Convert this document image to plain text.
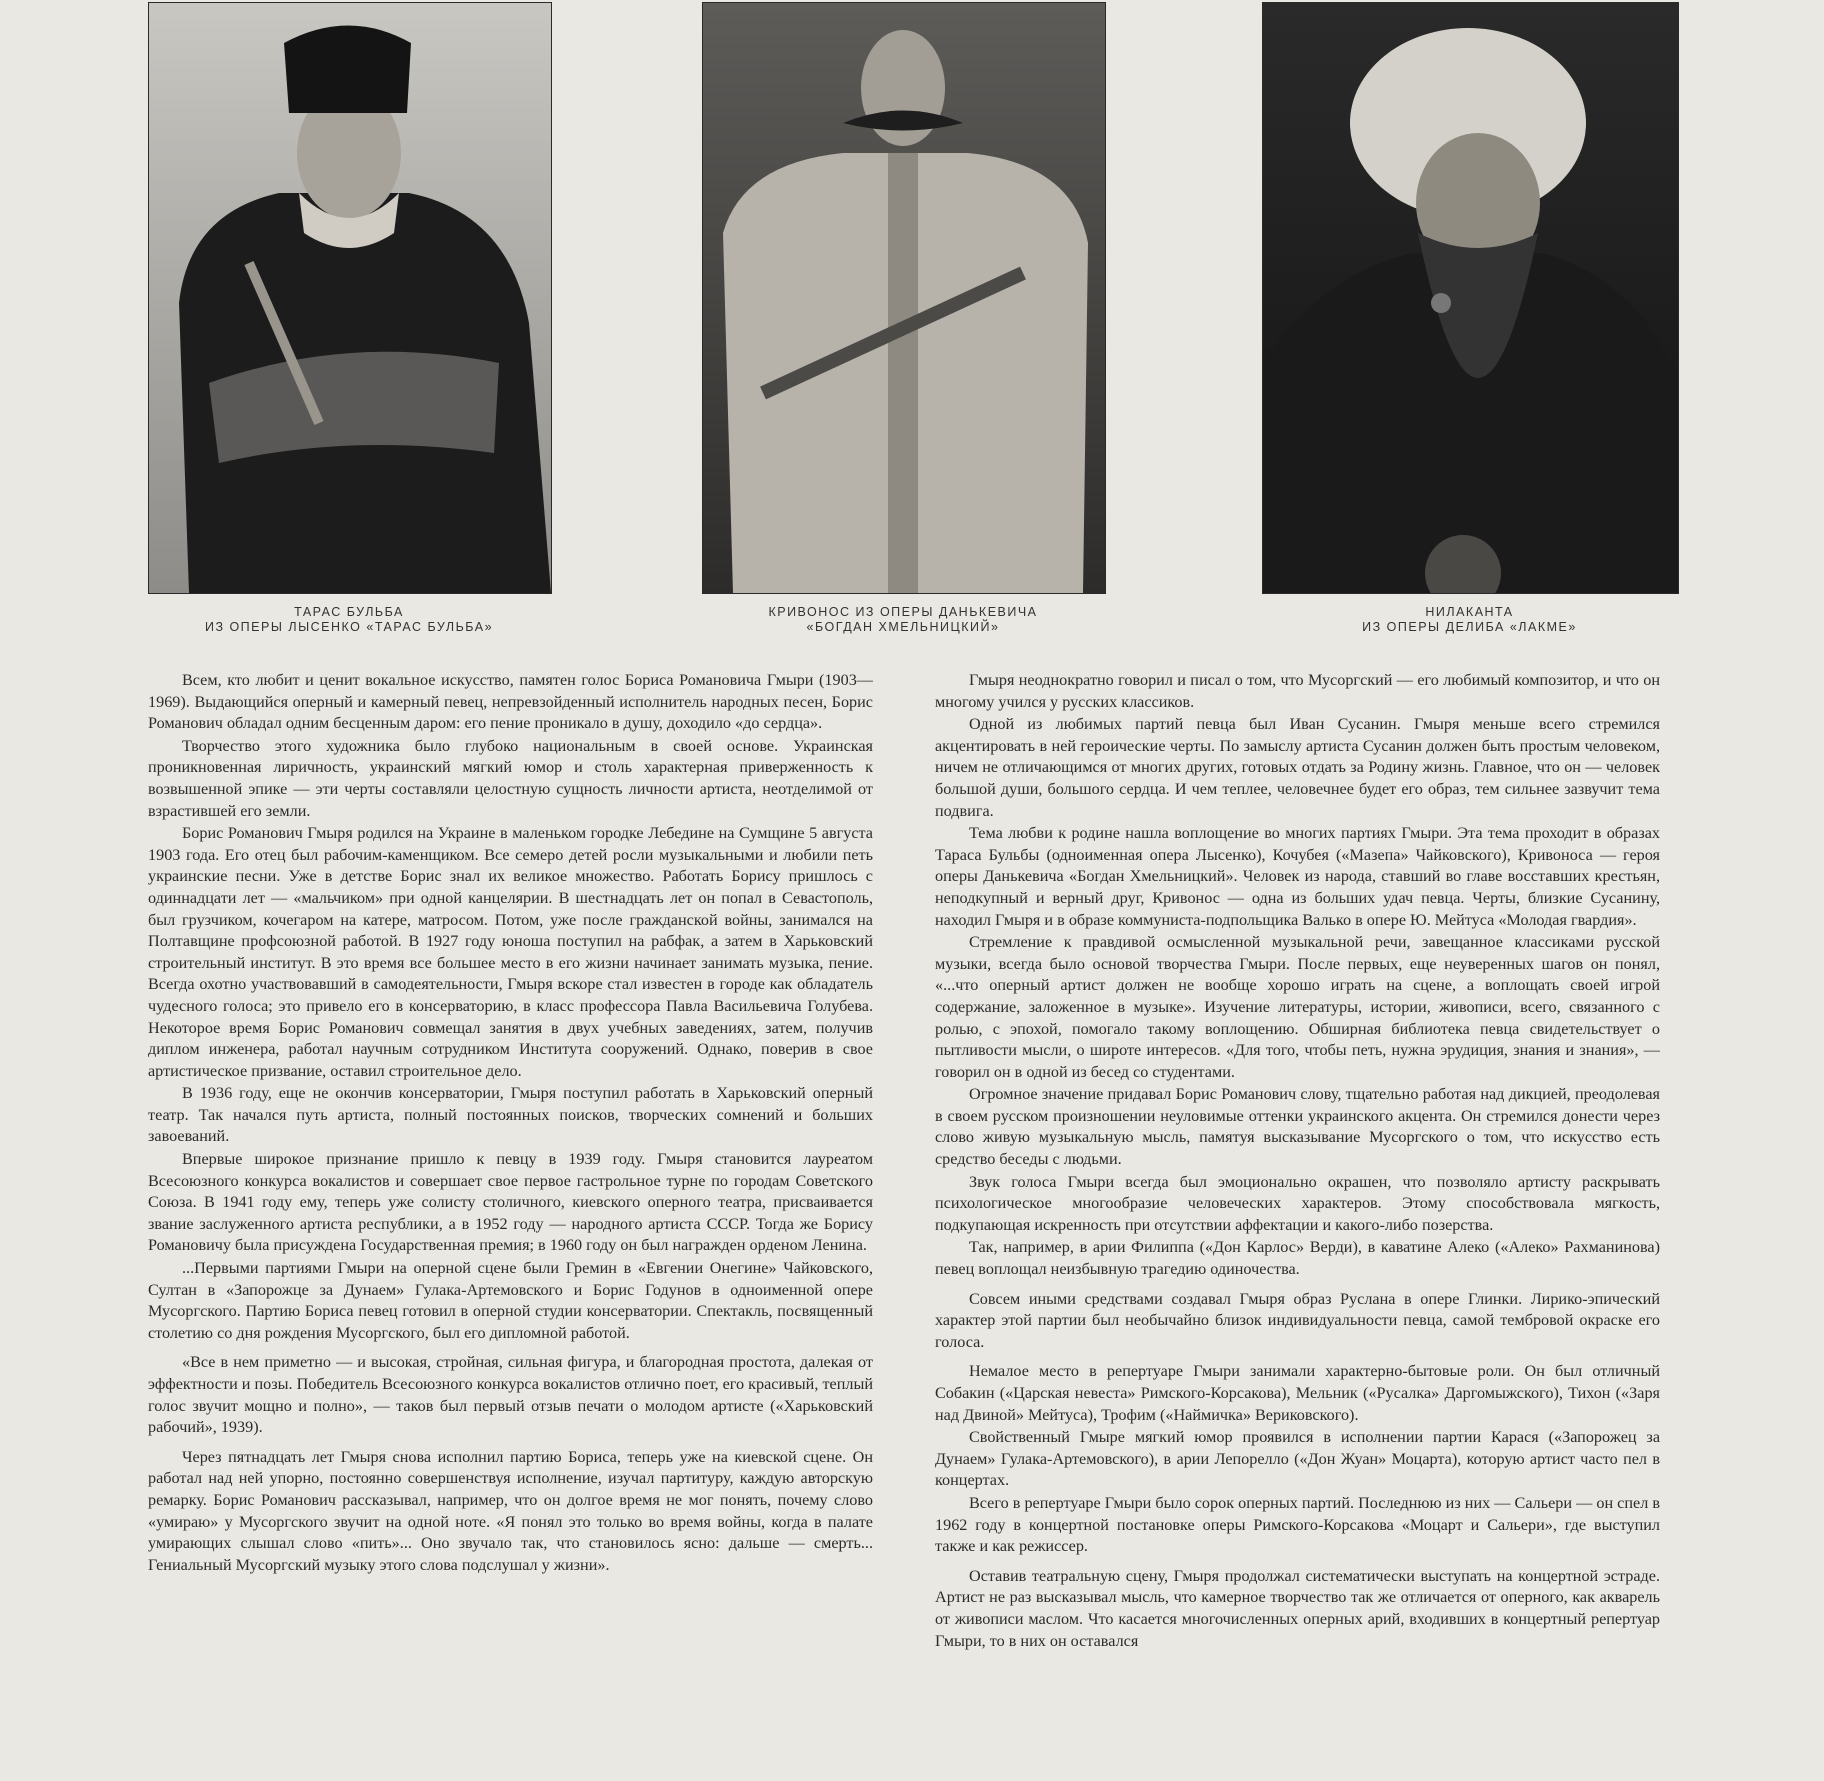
ТАРАС БУЛЬБА
ИЗ ОПЕРЫ ЛЫСЕНКО «ТАРАС БУЛЬБА»
КРИВОНОС ИЗ ОПЕРЫ ДАНЬКЕВИЧА
«БОГДАН ХМЕЛЬНИЦКИЙ»
НИЛАКАНТА
ИЗ ОПЕРЫ ДЕЛИБА «ЛАКМЕ»

Всем, кто любит и ценит вокальное искусство, памятен голос Бориса Романовича Гмыри (1903—1969). Выдающийся оперный и камерный певец, непревзойденный исполнитель народных песен, Борис Романович обладал одним бесценным даром: его пение проникало в душу, доходило «до сердца».

Творчество этого художника было глубоко национальным в своей основе. Украинская проникновенная лиричность, украинский мягкий юмор и столь характерная приверженность к возвышенной эпике — эти черты составляли целостную сущность личности артиста, неотделимой от взрастившей его земли.

Борис Романович Гмыря родился на Украине в маленьком городке Лебедине на Сумщине 5 августа 1903 года. Его отец был рабочим-каменщиком. Все семеро детей росли музыкальными и любили петь украинские песни. Уже в детстве Борис знал их великое множество. Работать Борису пришлось с одиннадцати лет — «мальчиком» при одной канцелярии. В шестнадцать лет он попал в Севастополь, был грузчиком, кочегаром на катере, матросом. Потом, уже после гражданской войны, занимался на Полтавщине профсоюзной работой. В 1927 году юноша поступил на рабфак, а затем в Харьковский строительный институт. В это время все большее место в его жизни начинает занимать музыка, пение. Всегда охотно участвовавший в самодеятельности, Гмыря вскоре стал известен в городе как обладатель чудесного голоса; это привело его в консерваторию, в класс профессора Павла Васильевича Голубева. Некоторое время Борис Романович совмещал занятия в двух учебных заведениях, затем, получив диплом инженера, работал научным сотрудником Института сооружений. Однако, поверив в свое артистическое призвание, оставил строительное дело.

В 1936 году, еще не окончив консерватории, Гмыря поступил работать в Харьковский оперный театр. Так начался путь артиста, полный постоянных поисков, творческих сомнений и больших завоеваний.

Впервые широкое признание пришло к певцу в 1939 году. Гмыря становится лауреатом Всесоюзного конкурса вокалистов и совершает свое первое гастрольное турне по городам Советского Союза. В 1941 году ему, теперь уже солисту столичного, киевского оперного театра, присваивается звание заслуженного артиста республики, а в 1952 году — народного артиста СССР. Тогда же Борису Романовичу была присуждена Государственная премия; в 1960 году он был награжден орденом Ленина.

...Первыми партиями Гмыри на оперной сцене были Гремин в «Евгении Онегине» Чайковского, Султан в «Запорожце за Дунаем» Гулака-Артемовского и Борис Годунов в одноименной опере Мусоргского. Партию Бориса певец готовил в оперной студии консерватории. Спектакль, посвященный столетию со дня рождения Мусоргского, был его дипломной работой.

«Все в нем приметно — и высокая, стройная, сильная фигура, и благородная простота, далекая от эффектности и позы. Победитель Всесоюзного конкурса вокалистов отлично поет, его красивый, теплый голос звучит мощно и полно», — таков был первый отзыв печати о молодом артисте («Харьковский рабочий», 1939).

Через пятнадцать лет Гмыря снова исполнил партию Бориса, теперь уже на киевской сцене. Он работал над ней упорно, постоянно совершенствуя исполнение, изучал партитуру, каждую авторскую ремарку. Борис Романович рассказывал, например, что он долгое время не мог понять, почему слово «умираю» у Мусоргского звучит на одной ноте. «Я понял это только во время войны, когда в палате умирающих слышал слово «пить»... Оно звучало так, что становилось ясно: дальше — смерть... Гениальный Мусоргский музыку этого слова подслушал у жизни».

Гмыря неоднократно говорил и писал о том, что Мусоргский — его любимый композитор, и что он многому учился у русских классиков.

Одной из любимых партий певца был Иван Сусанин. Гмыря меньше всего стремился акцентировать в ней героические черты. По замыслу артиста Сусанин должен быть простым человеком, ничем не отличающимся от многих других, готовых отдать за Родину жизнь. Главное, что он — человек большой души, большого сердца. И чем теплее, человечнее будет его образ, тем сильнее зазвучит тема подвига.

Тема любви к родине нашла воплощение во многих партиях Гмыри. Эта тема проходит в образах Тараса Бульбы (одноименная опера Лысенко), Кочубея («Мазепа» Чайковского), Кривоноса — героя оперы Данькевича «Богдан Хмельницкий». Человек из народа, ставший во главе восставших крестьян, неподкупный и верный друг, Кривонос — одна из больших удач певца. Черты, близкие Сусанину, находил Гмыря и в образе коммуниста-подпольщика Валько в опере Ю. Мейтуса «Молодая гвардия».

Стремление к правдивой осмысленной музыкальной речи, завещанное классиками русской музыки, всегда было основой творчества Гмыри. После первых, еще неуверенных шагов он понял, «...что оперный артист должен не вообще хорошо играть на сцене, а воплощать своей игрой содержание, заложенное в музыке». Изучение литературы, истории, живописи, всего, связанного с ролью, с эпохой, помогало такому воплощению. Обширная библиотека певца свидетельствует о пытливости мысли, о широте интересов. «Для того, чтобы петь, нужна эрудиция, знания и знания», — говорил он в одной из бесед со студентами.

Огромное значение придавал Борис Романович слову, тщательно работая над дикцией, преодолевая в своем русском произношении неуловимые оттенки украинского акцента. Он стремился донести через слово живую музыкальную мысль, памятуя высказывание Мусоргского о том, что искусство есть средство беседы с людьми.

Звук голоса Гмыри всегда был эмоционально окрашен, что позволяло артисту раскрывать психологическое многообразие человеческих характеров. Этому способствовала мягкость, подкупающая искренность при отсутствии аффектации и какого-либо позерства.

Так, например, в арии Филиппа («Дон Карлос» Верди), в каватине Алеко («Алеко» Рахманинова) певец воплощал неизбывную трагедию одиночества.

Совсем иными средствами создавал Гмыря образ Руслана в опере Глинки. Лирико-эпический характер этой партии был необычайно близок индивидуальности певца, самой тембровой окраске его голоса.

Немалое место в репертуаре Гмыри занимали характерно-бытовые роли. Он был отличный Собакин («Царская невеста» Римского-Корсакова), Мельник («Русалка» Даргомыжского), Тихон («Заря над Двиной» Мейтуса), Трофим («Наймичка» Вериковского).

Свойственный Гмыре мягкий юмор проявился в исполнении партии Карася («Запорожец за Дунаем» Гулака-Артемовского), в арии Лепорелло («Дон Жуан» Моцарта), которую артист часто пел в концертах.

Всего в репертуаре Гмыри было сорок оперных партий. Последнюю из них — Сальери — он спел в 1962 году в концертной постановке оперы Римского-Корсакова «Моцарт и Сальери», где выступил также и как режиссер.

Оставив театральную сцену, Гмыря продолжал систематически выступать на концертной эстраде. Артист не раз высказывал мысль, что камерное творчество так же отличается от оперного, как акварель от живописи маслом. Что касается многочисленных оперных арий, входивших в концертный репертуар Гмыри, то в них он оставался
